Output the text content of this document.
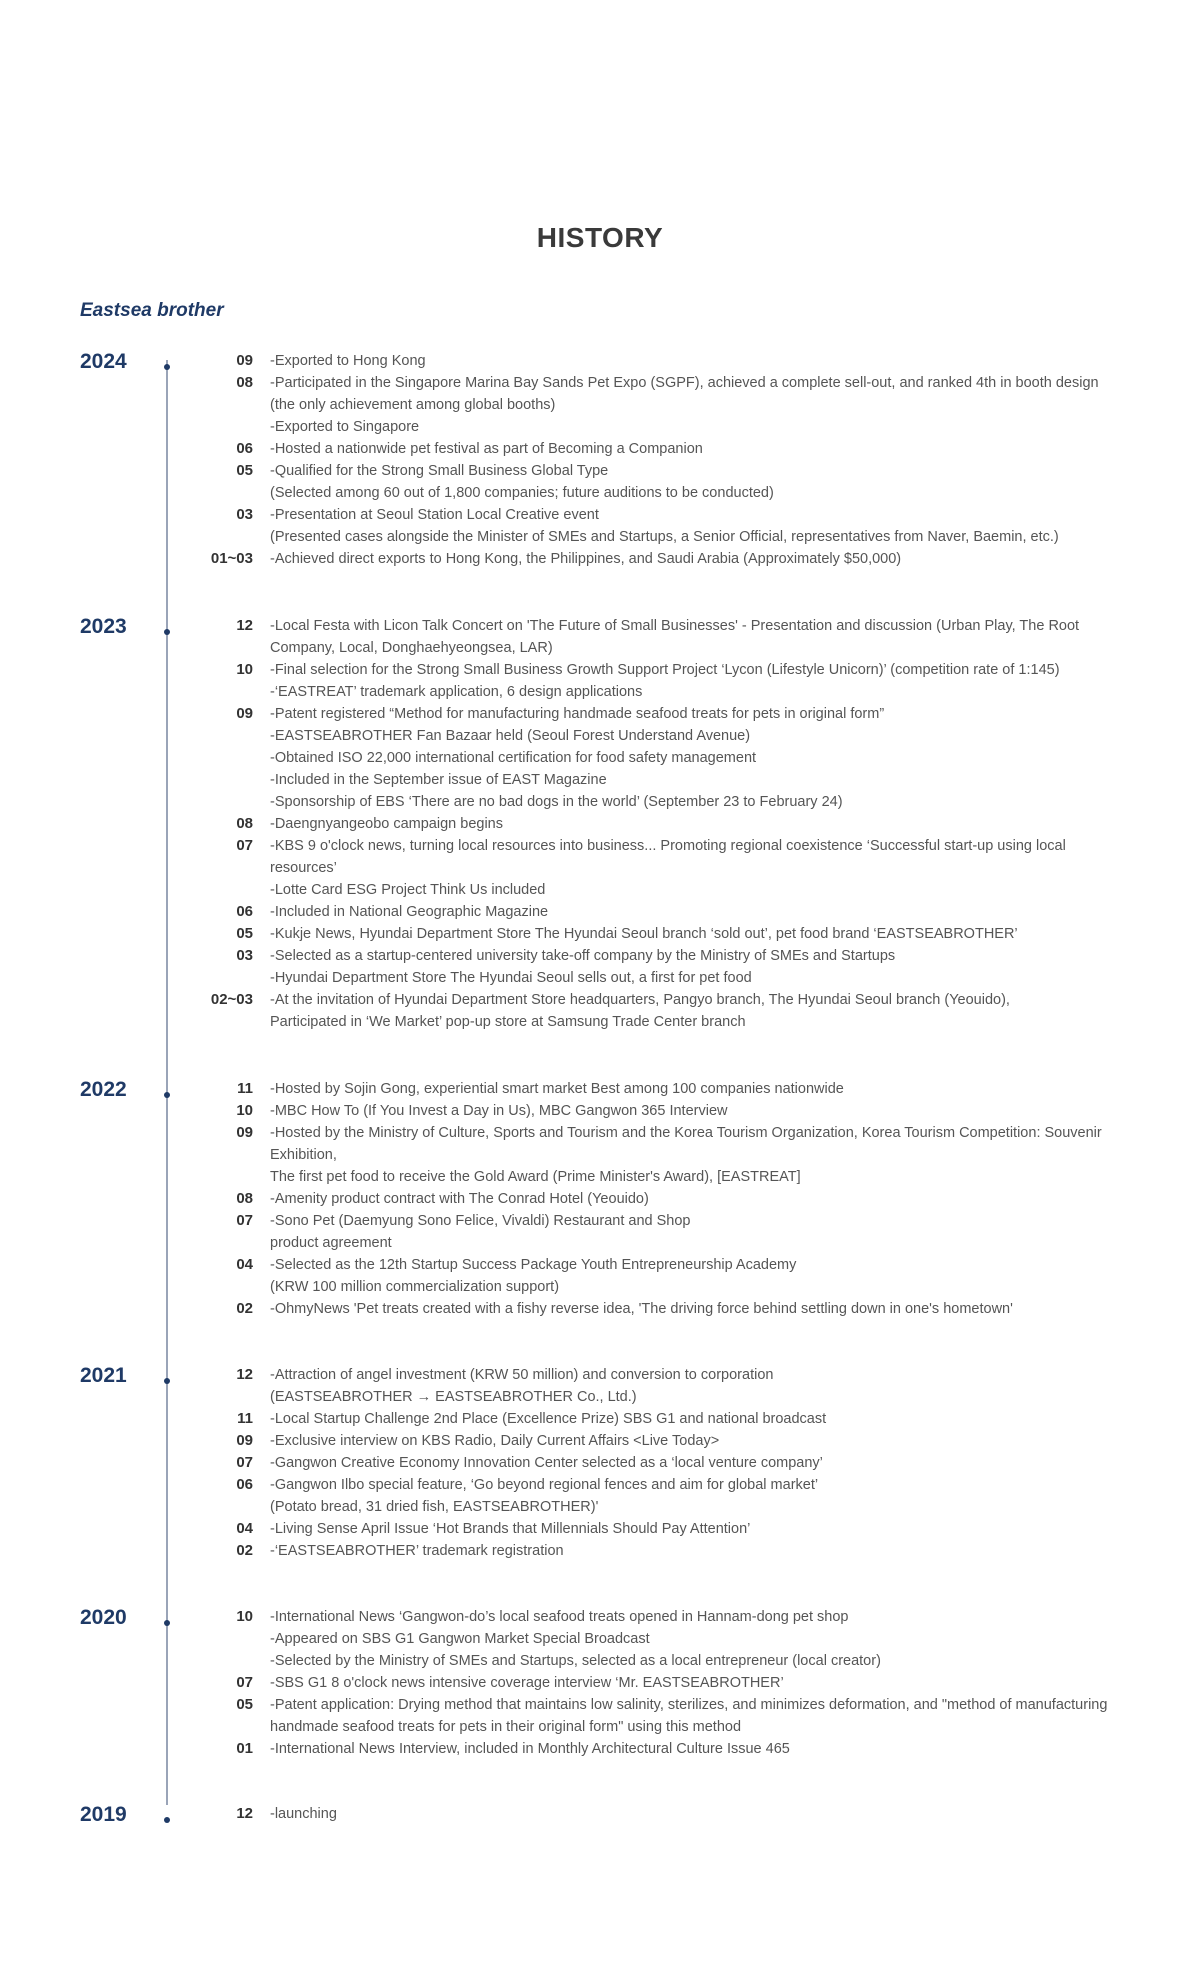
HISTORY
Eastsea brother
2024	09 -Exported to Hong Kong
08 -Participated in the Singapore Marina Bay Sands Pet Expo (SGPF), achieved a complete sell-out, and ranked 4th in booth design
(the only achievement among global booths)
-Exported to Singapore
06 -Hosted a nationwide pet festival as part of Becoming a Companion
05 -Qualified for the Strong Small Business Global Type
(Selected among 60 out of 1,800 companies; future auditions to be conducted)
03 -Presentation at Seoul Station Local Creative event
(Presented cases alongside the Minister of SMEs and Startups, a Senior Official, representatives from Naver, Baemin, etc.)
01~03 -Achieved direct exports to Hong Kong, the Philippines, and Saudi Arabia (Approximately $50,000)
2023	12 -Local Festa with Licon Talk Concert on 'The Future of Small Businesses' - Presentation and discussion (Urban Play, The Root
Company, Local, Donghaehyeongsea, LAR)
10 -Final selection for the Strong Small Business Growth Support Project ‘Lycon (Lifestyle Unicorn)’ (competition rate of 1:145)
-‘EASTREAT’ trademark application, 6 design applications
09 -Patent registered “Method for manufacturing handmade seafood treats for pets in original form”
-EASTSEABROTHER Fan Bazaar held (Seoul Forest Understand Avenue)
-Obtained ISO 22,000 international certification for food safety management
-Included in the September issue of EAST Magazine
-Sponsorship of EBS ‘There are no bad dogs in the world’ (September 23 to February 24)
08 -Daengnyangeobo campaign begins
07 -KBS 9 o'clock news, turning local resources into business... Promoting regional coexistence ‘Successful start-up using local
resources’
-Lotte Card ESG Project Think Us included
06 -Included in National Geographic Magazine
05 -Kukje News, Hyundai Department Store The Hyundai Seoul branch ‘sold out’, pet food brand ‘EASTSEABROTHER’
03 -Selected as a startup-centered university take-off company by the Ministry of SMEs and Startups
-Hyundai Department Store The Hyundai Seoul sells out, a first for pet food
02~03 -At the invitation of Hyundai Department Store headquarters, Pangyo branch, The Hyundai Seoul branch (Yeouido),
Participated in ‘We Market’ pop-up store at Samsung Trade Center branch
2022	11 -Hosted by Sojin Gong, experiential smart market Best among 100 companies nationwide
10 -MBC How To (If You Invest a Day in Us), MBC Gangwon 365 Interview
09 -Hosted by the Ministry of Culture, Sports and Tourism and the Korea Tourism Organization, Korea Tourism Competition: Souvenir
Exhibition,
The first pet food to receive the Gold Award (Prime Minister's Award), [EASTREAT]
08 -Amenity product contract with The Conrad Hotel (Yeouido)
07 -Sono Pet (Daemyung Sono Felice, Vivaldi) Restaurant and Shop
product agreement
04 -Selected as the 12th Startup Success Package Youth Entrepreneurship Academy
(KRW 100 million commercialization support)
02 -OhmyNews 'Pet treats created with a fishy reverse idea, 'The driving force behind settling down in one's hometown'
2021	12 -Attraction of angel investment (KRW 50 million) and conversion to corporation
(EASTSEABROTHER → EASTSEABROTHER Co., Ltd.)
11 -Local Startup Challenge 2nd Place (Excellence Prize) SBS G1 and national broadcast
09 -Exclusive interview on KBS Radio, Daily Current Affairs <Live Today>
07 -Gangwon Creative Economy Innovation Center selected as a ‘local venture company’
06 -Gangwon Ilbo special feature, ‘Go beyond regional fences and aim for global market’
(Potato bread, 31 dried fish, EASTSEABROTHER)'
04 -Living Sense April Issue ‘Hot Brands that Millennials Should Pay Attention’
02 -‘EASTSEABROTHER’ trademark registration
2020	10 -International News ‘Gangwon-do’s local seafood treats opened in Hannam-dong pet shop
-Appeared on SBS G1 Gangwon Market Special Broadcast
-Selected by the Ministry of SMEs and Startups, selected as a local entrepreneur (local creator)
07 -SBS G1 8 o'clock news intensive coverage interview ‘Mr. EASTSEABROTHER’
05 -Patent application: Drying method that maintains low salinity, sterilizes, and minimizes deformation, and "method of manufacturing
handmade seafood treats for pets in their original form" using this method
01 -International News Interview, included in Monthly Architectural Culture Issue 465
2019	12 -launching
